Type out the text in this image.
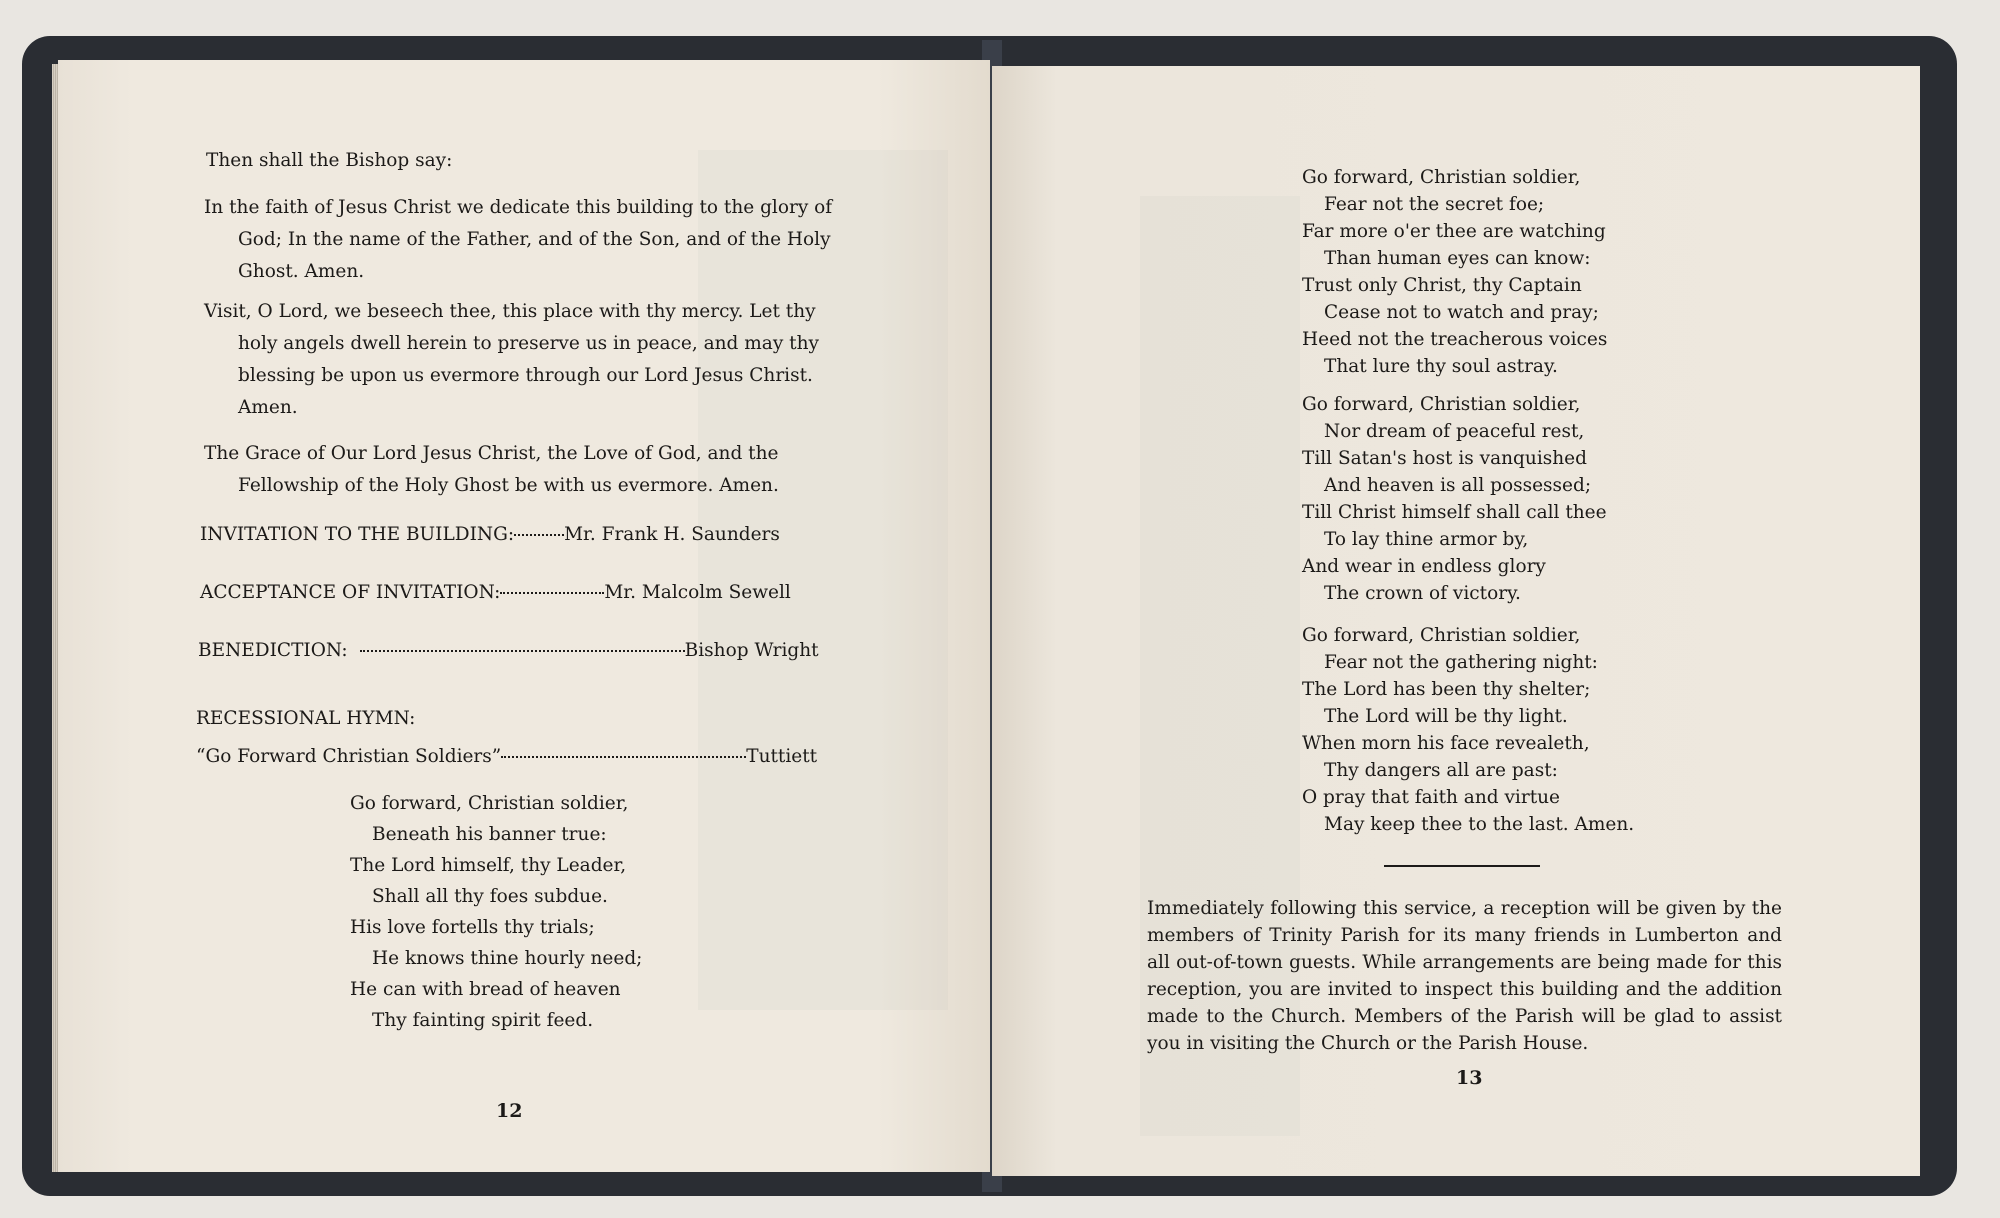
Then shall the Bishop say:

In the faith of Jesus Christ we dedicate this building to the glory of God; In the name of the Father, and of the Son, and of the Holy Ghost. Amen.

Visit, O Lord, we beseech thee, this place with thy mercy. Let thy holy angels dwell herein to preserve us in peace, and may thy blessing be upon us evermore through our Lord Jesus Christ. Amen.

The Grace of Our Lord Jesus Christ, the Love of God, and the Fellowship of the Holy Ghost be with us evermore. Amen.

INVITATION TO THE BUILDING:	Mr. Frank H. Saunders
ACCEPTANCE OF INVITATION:	Mr. Malcolm Sewell
BENEDICTION:	Bishop Wright
RECESSIONAL HYMN:
“Go Forward Christian Soldiers”	Tuttiett
Go forward, Christian soldier,
Beneath his banner true:
The Lord himself, thy Leader,
Shall all thy foes subdue.
His love fortells thy trials;
He knows thine hourly need;
He can with bread of heaven
Thy fainting spirit feed.
12
Go forward, Christian soldier,
Fear not the secret foe;
Far more o'er thee are watching
Than human eyes can know:
Trust only Christ, thy Captain
Cease not to watch and pray;
Heed not the treacherous voices
That lure thy soul astray.
Go forward, Christian soldier,
Nor dream of peaceful rest,
Till Satan's host is vanquished
And heaven is all possessed;
Till Christ himself shall call thee
To lay thine armor by,
And wear in endless glory
The crown of victory.
Go forward, Christian soldier,
Fear not the gathering night:
The Lord has been thy shelter;
The Lord will be thy light.
When morn his face revealeth,
Thy dangers all are past:
O pray that faith and virtue
May keep thee to the last. Amen.
Immediately following this service, a reception will be given by the members of Trinity Parish for its many friends in Lumberton and all out-of-town guests. While arrangements are being made for this reception, you are invited to inspect this building and the addition made to the Church. Members of the Parish will be glad to assist you in visiting the Church or the Parish House.
13
